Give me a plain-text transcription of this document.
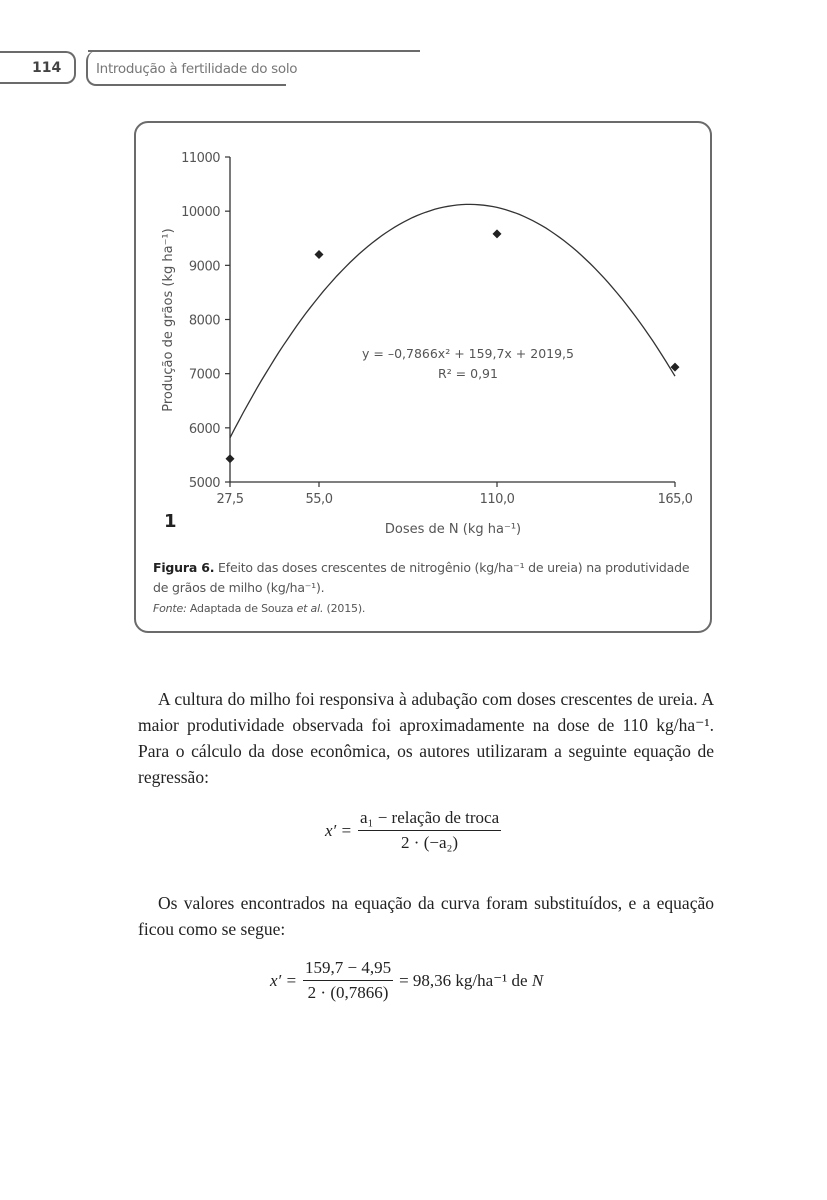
114	Introdução à fertilidade do solo
5000
6000
7000
8000
9000
10000
11000
27,5	55,0	110,0	165,0
Produção de grãos (kg ha⁻¹)
Doses de N (kg ha⁻¹)
y = –0,7866x² + 159,7x + 2019,5
R² = 0,91
1
Figura 6. Efeito das doses crescentes de nitrogênio (kg/ha⁻¹ de ureia) na produtividade de grãos de milho (kg/ha⁻¹).
Fonte: Adaptada de Souza et al. (2015).
A cultura do milho foi responsiva à adubação com doses crescentes de ureia. A maior produtividade observada foi aproximadamente na dose de 110 kg/ha⁻¹. Para o cálculo da dose econômica, os autores utilizaram a seguinte equação de regressão:
$x' = \frac{\text{a₁ − relação de troca}}{\text{2 · (−a₂)}}$
Os valores encontrados na equação da curva foram substituídos, e a equação ficou como se segue:
$x' = \frac{159,7 - 4,95}{2 \cdot (0,7866)} = 98,36$ kg/ha⁻¹ de
N
